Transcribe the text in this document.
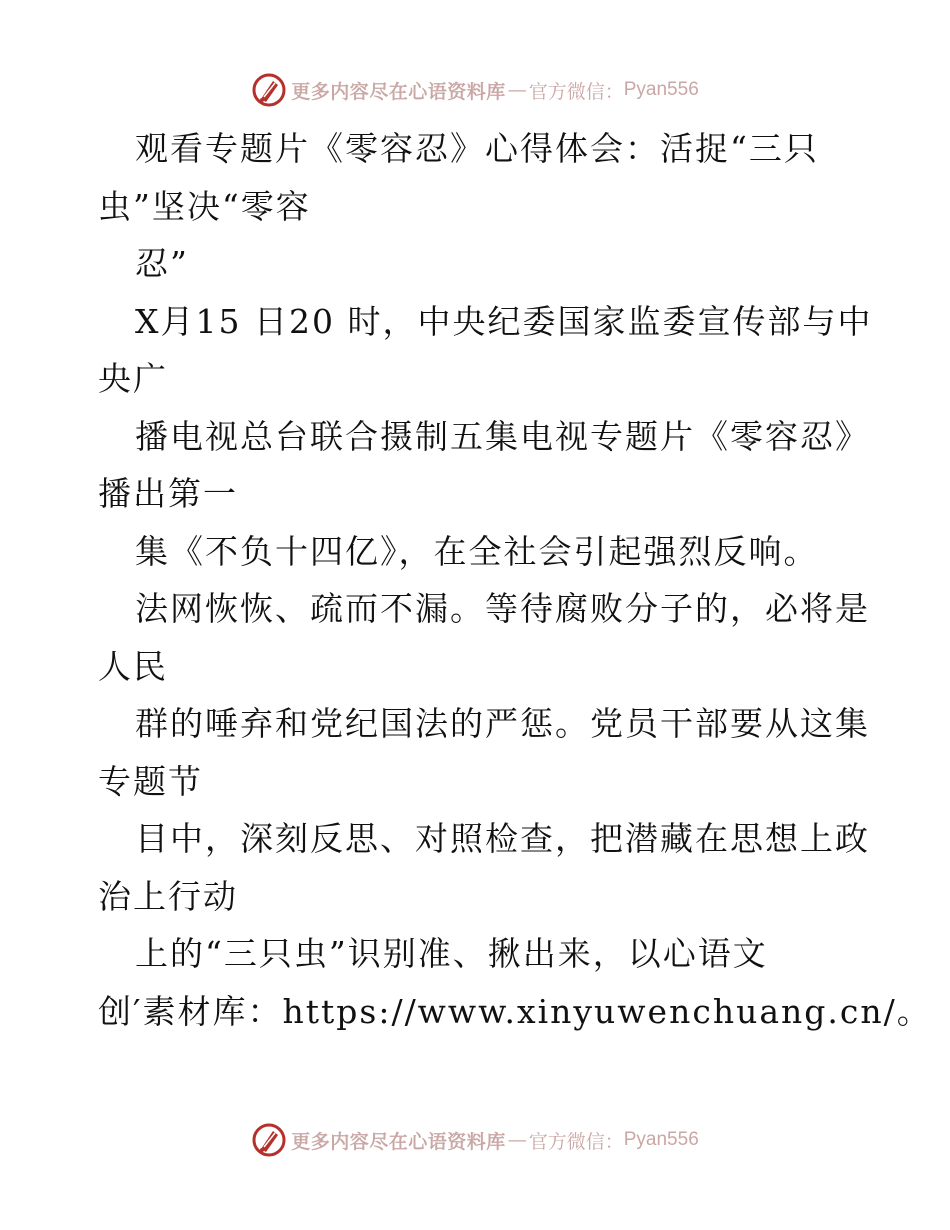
更多内容尽在心语资料库 — 官方微信： Pyan556
观看专题片《零容忍》心得体会：活捉“三只
虫”坚决“零容
忍”
X月15 日20 时，中央纪委国家监委宣传部与中
央广
播电视总台联合摄制五集电视专题片《零容忍》
播出第一
集《不负十四亿》，在全社会引起强烈反响。
法网恢恢、疏而不漏。等待腐败分子的，必将是
人民
群的唾弃和党纪国法的严惩。党员干部要从这集
专题节
目中，深刻反思、对照检查，把潜藏在思想上政
治上行动
上的“三只虫”识别准、揪出来，以心语文
创′素材库：https://www.xinyuwenchuang.cn/。
更多内容尽在心语资料库 — 官方微信： Pyan556
